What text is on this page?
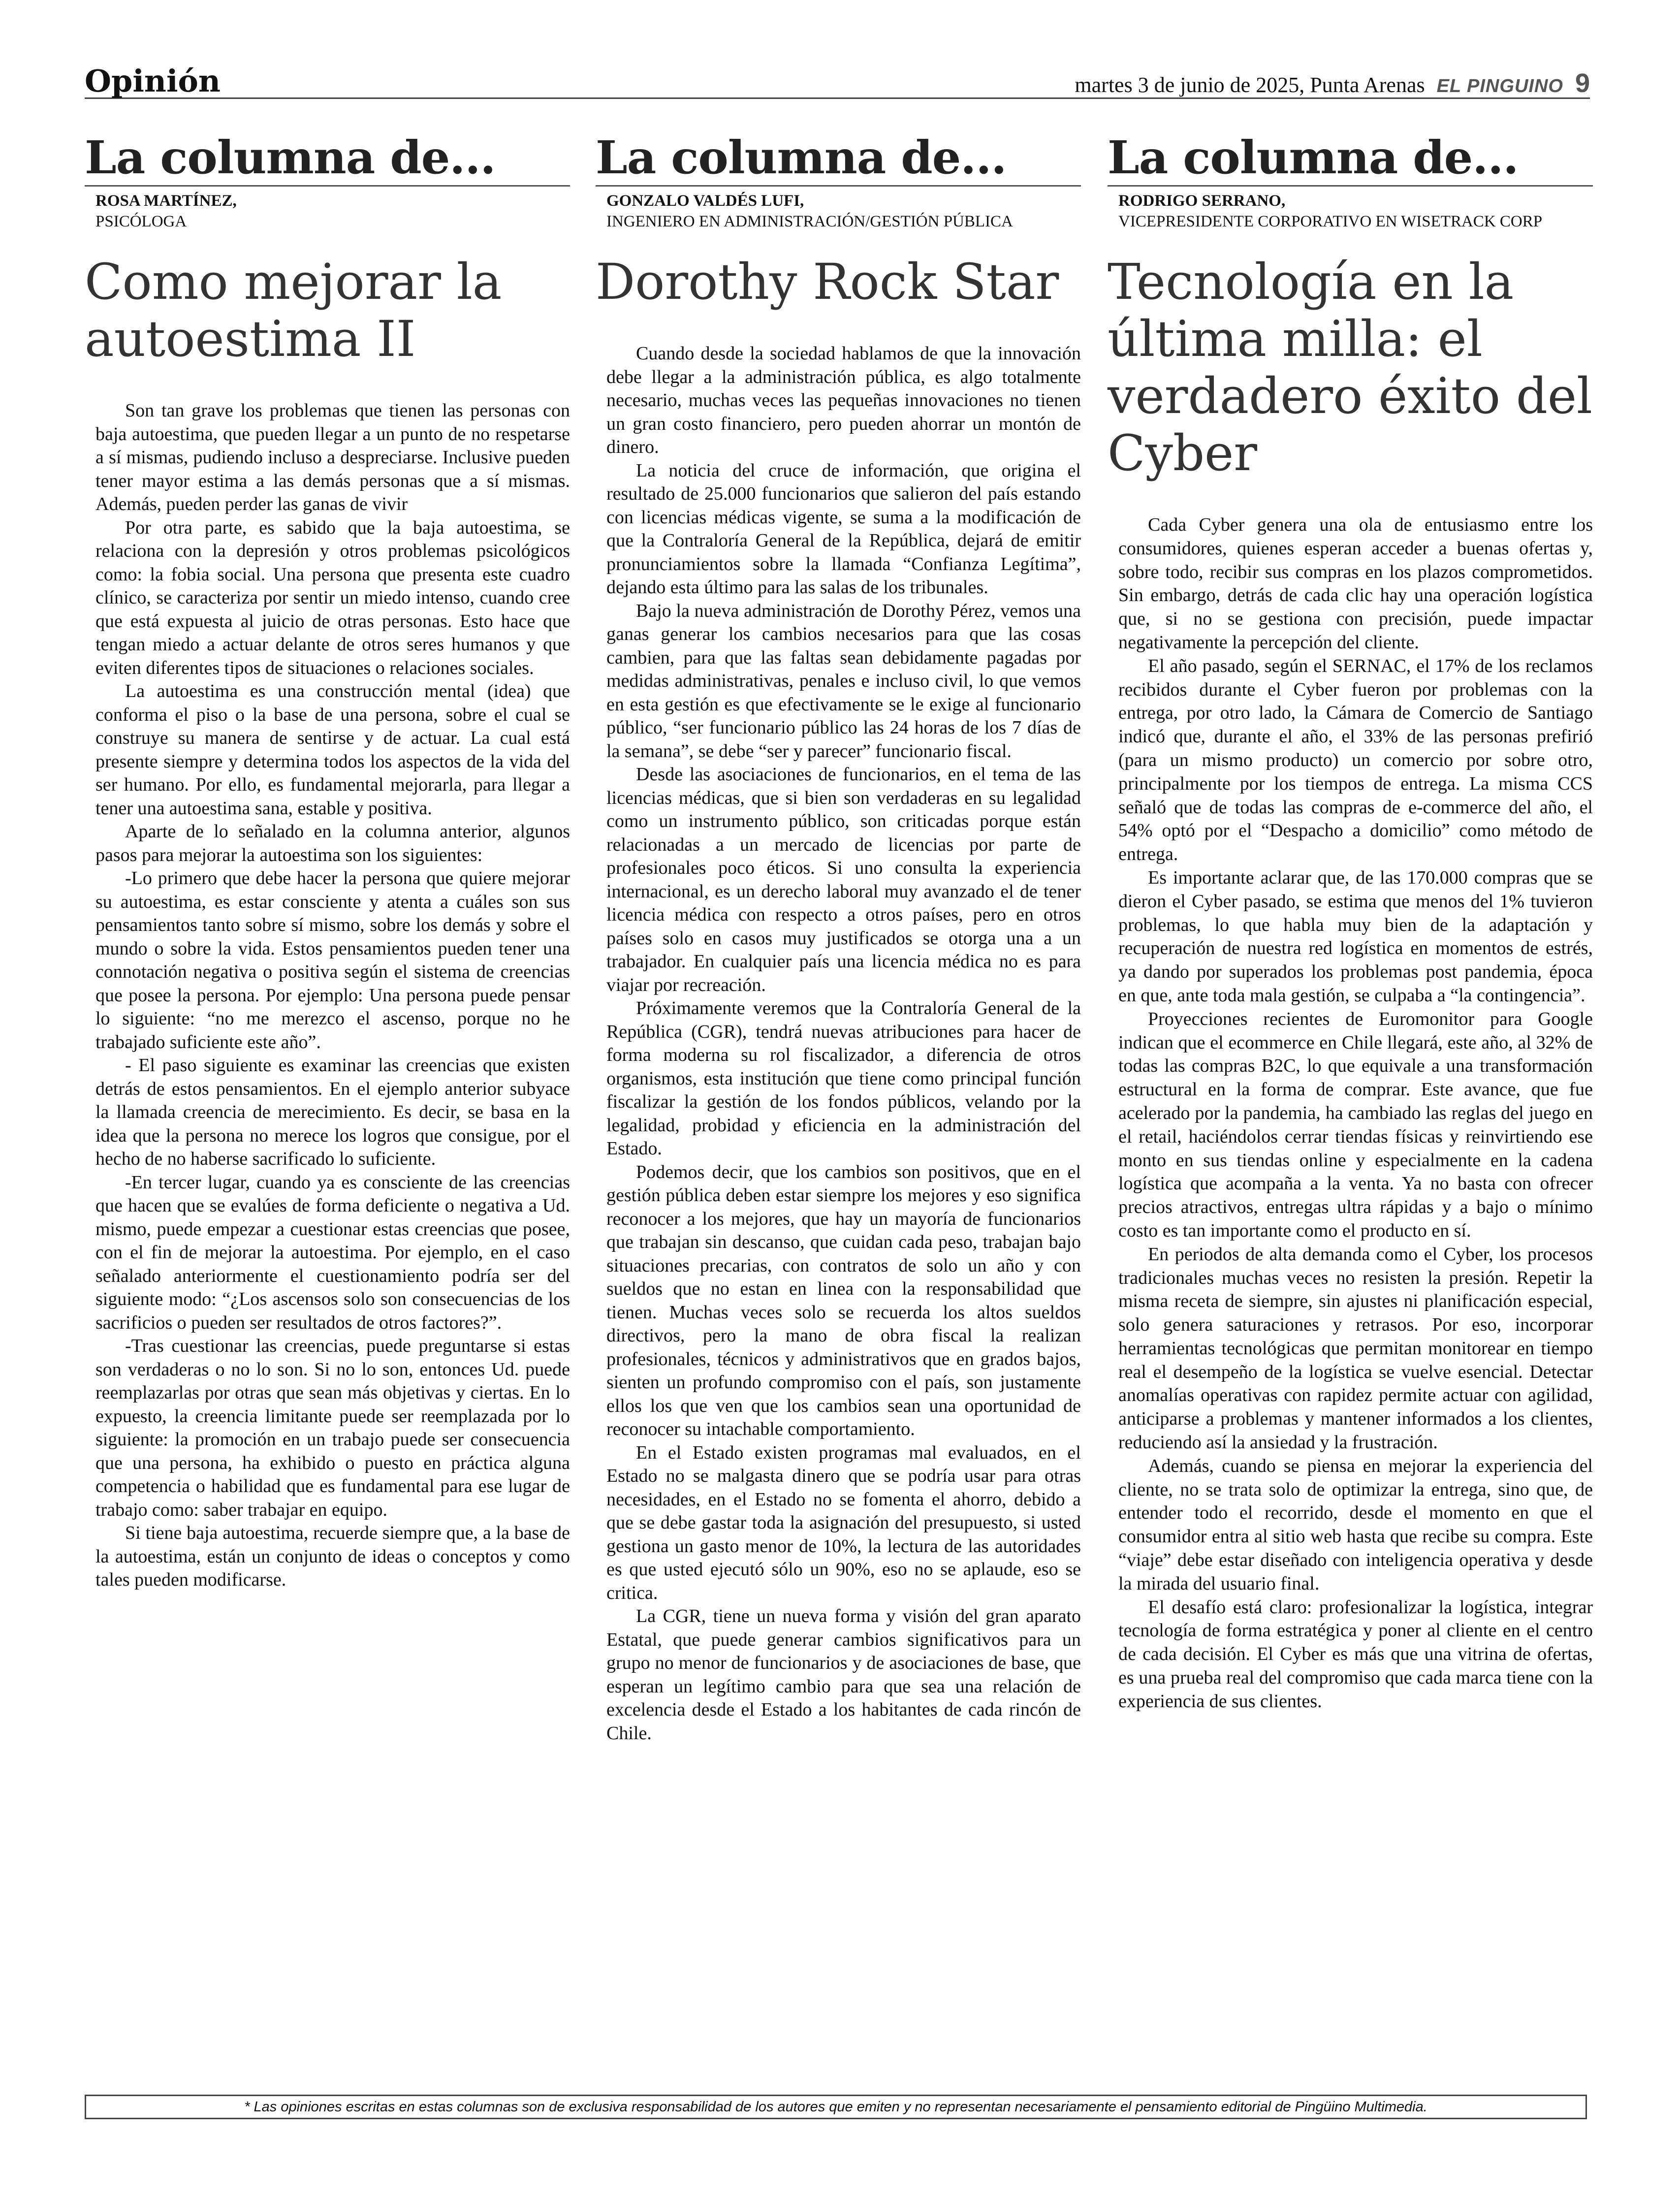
Opinión	martes 3 de junio de 2025, Punta Arenas EL PINGUINO 9
La columna de...
ROSA MARTÍNEZ,
PSICÓLOGA
Como mejorar la autoestima II

Son tan grave los problemas que tienen las personas con baja autoestima, que pueden llegar a un punto de no respetarse a sí mismas, pudiendo incluso a despreciarse. Inclusive pueden tener mayor estima a las demás personas que a sí mismas. Además, pueden perder las ganas de vivir

Por otra parte, es sabido que la baja autoestima, se relaciona con la depresión y otros problemas psicológicos como: la fobia social. Una persona que presenta este cuadro clínico, se caracteriza por sentir un miedo intenso, cuando cree que está expuesta al juicio de otras personas. Esto hace que tengan miedo a actuar delante de otros seres humanos y que eviten diferentes tipos de situaciones o relaciones sociales.

La autoestima es una construcción mental (idea) que conforma el piso o la base de una persona, sobre el cual se construye su manera de sentirse y de actuar. La cual está presente siempre y determina todos los aspectos de la vida del ser humano. Por ello, es fundamental mejorarla, para llegar a tener una autoestima sana, estable y positiva.

Aparte de lo señalado en la columna anterior, algunos pasos para mejorar la autoestima son los siguientes:

-Lo primero que debe hacer la persona que quiere mejorar su autoestima, es estar consciente y atenta a cuáles son sus pensamientos tanto sobre sí mismo, sobre los demás y sobre el mundo o sobre la vida. Estos pensamientos pueden tener una connotación negativa o positiva según el sistema de creencias que posee la persona. Por ejemplo: Una persona puede pensar lo siguiente: “no me merezco el ascenso, porque no he trabajado suficiente este año”.

- El paso siguiente es examinar las creencias que existen detrás de estos pensamientos. En el ejemplo anterior subyace la llamada creencia de merecimiento. Es decir, se basa en la idea que la persona no merece los logros que consigue, por el hecho de no haberse sacrificado lo suficiente.

-En tercer lugar, cuando ya es consciente de las creencias que hacen que se evalúes de forma deficiente o negativa a Ud. mismo, puede empezar a cuestionar estas creencias que posee, con el fin de mejorar la autoestima. Por ejemplo, en el caso señalado anteriormente el cuestionamiento podría ser del siguiente modo: “¿Los ascensos solo son consecuencias de los sacrificios o pueden ser resultados de otros factores?”.

-Tras cuestionar las creencias, puede preguntarse si estas son verdaderas o no lo son. Si no lo son, entonces Ud. puede reemplazarlas por otras que sean más objetivas y ciertas. En lo expuesto, la creencia limitante puede ser reemplazada por lo siguiente: la promoción en un trabajo puede ser consecuencia que una persona, ha exhibido o puesto en práctica alguna competencia o habilidad que es fundamental para ese lugar de trabajo como: saber trabajar en equipo.

Si tiene baja autoestima, recuerde siempre que, a la base de la autoestima, están un conjunto de ideas o conceptos y como tales pueden modificarse.

La columna de...
GONZALO VALDÉS LUFI,
INGENIERO EN ADMINISTRACIÓN/GESTIÓN PÚBLICA
Dorothy Rock Star

Cuando desde la sociedad hablamos de que la innovación debe llegar a la administración pública, es algo totalmente necesario, muchas veces las pequeñas innovaciones no tienen un gran costo financiero, pero pueden ahorrar un montón de dinero.

La noticia del cruce de información, que origina el resultado de 25.000 funcionarios que salieron del país estando con licencias médicas vigente, se suma a la modificación de que la Contraloría General de la República, dejará de emitir pronunciamientos sobre la llamada “Confianza Legítima”, dejando esta último para las salas de los tribunales.

Bajo la nueva administración de Dorothy Pérez, vemos una ganas generar los cambios necesarios para que las cosas cambien, para que las faltas sean debidamente pagadas por medidas administrativas, penales e incluso civil, lo que vemos en esta gestión es que efectivamente se le exige al funcionario público, “ser funcionario público las 24 horas de los 7 días de la semana”, se debe “ser y parecer” funcionario fiscal.

Desde las asociaciones de funcionarios, en el tema de las licencias médicas, que si bien son verdaderas en su legalidad como un instrumento público, son criticadas porque están relacionadas a un mercado de licencias por parte de profesionales poco éticos. Si uno consulta la experiencia internacional, es un derecho laboral muy avanzado el de tener licencia médica con respecto a otros países, pero en otros países solo en casos muy justificados se otorga una a un trabajador. En cualquier país una licencia médica no es para viajar por recreación.

Próximamente veremos que la Contraloría General de la República (CGR), tendrá nuevas atribuciones para hacer de forma moderna su rol fiscalizador, a diferencia de otros organismos, esta institución que tiene como principal función fiscalizar la gestión de los fondos públicos, velando por la legalidad, probidad y eficiencia en la administración del Estado.

Podemos decir, que los cambios son positivos, que en el gestión pública deben estar siempre los mejores y eso significa reconocer a los mejores, que hay un mayoría de funcionarios que trabajan sin descanso, que cuidan cada peso, trabajan bajo situaciones precarias, con contratos de solo un año y con sueldos que no estan en linea con la responsabilidad que tienen. Muchas veces solo se recuerda los altos sueldos directivos, pero la mano de obra fiscal la realizan profesionales, técnicos y administrativos que en grados bajos, sienten un profundo compromiso con el país, son justamente ellos los que ven que los cambios sean una oportunidad de reconocer su intachable comportamiento.

En el Estado existen programas mal evaluados, en el Estado no se malgasta dinero que se podría usar para otras necesidades, en el Estado no se fomenta el ahorro, debido a que se debe gastar toda la asignación del presupuesto, si usted gestiona un gasto menor de 10%, la lectura de las autoridades es que usted ejecutó sólo un 90%, eso no se aplaude, eso se critica.

La CGR, tiene un nueva forma y visión del gran aparato Estatal, que puede generar cambios significativos para un grupo no menor de funcionarios y de asociaciones de base, que esperan un legítimo cambio para que sea una relación de excelencia desde el Estado a los habitantes de cada rincón de Chile.

La columna de...
RODRIGO SERRANO,
VICEPRESIDENTE CORPORATIVO EN WISETRACK CORP
Tecnología en la última milla: el verdadero éxito del Cyber

Cada Cyber genera una ola de entusiasmo entre los consumidores, quienes esperan acceder a buenas ofertas y, sobre todo, recibir sus compras en los plazos comprometidos. Sin embargo, detrás de cada clic hay una operación logística que, si no se gestiona con precisión, puede impactar negativamente la percepción del cliente.

El año pasado, según el SERNAC, el 17% de los reclamos recibidos durante el Cyber fueron por problemas con la entrega, por otro lado, la Cámara de Comercio de Santiago indicó que, durante el año, el 33% de las personas prefirió (para un mismo producto) un comercio por sobre otro, principalmente por los tiempos de entrega. La misma CCS señaló que de todas las compras de e-commerce del año, el 54% optó por el “Despacho a domicilio” como método de entrega.

Es importante aclarar que, de las 170.000 compras que se dieron el Cyber pasado, se estima que menos del 1% tuvieron problemas, lo que habla muy bien de la adaptación y recuperación de nuestra red logística en momentos de estrés, ya dando por superados los problemas post pandemia, época en que, ante toda mala gestión, se culpaba a “la contingencia”.

Proyecciones recientes de Euromonitor para Google indican que el ecommerce en Chile llegará, este año, al 32% de todas las compras B2C, lo que equivale a una transformación estructural en la forma de comprar. Este avance, que fue acelerado por la pandemia, ha cambiado las reglas del juego en el retail, haciéndolos cerrar tiendas físicas y reinvirtiendo ese monto en sus tiendas online y especialmente en la cadena logística que acompaña a la venta. Ya no basta con ofrecer precios atractivos, entregas ultra rápidas y a bajo o mínimo costo es tan importante como el producto en sí.

En periodos de alta demanda como el Cyber, los procesos tradicionales muchas veces no resisten la presión. Repetir la misma receta de siempre, sin ajustes ni planificación especial, solo genera saturaciones y retrasos. Por eso, incorporar herramientas tecnológicas que permitan monitorear en tiempo real el desempeño de la logística se vuelve esencial. Detectar anomalías operativas con rapidez permite actuar con agilidad, anticiparse a problemas y mantener informados a los clientes, reduciendo así la ansiedad y la frustración.

Además, cuando se piensa en mejorar la experiencia del cliente, no se trata solo de optimizar la entrega, sino que, de entender todo el recorrido, desde el momento en que el consumidor entra al sitio web hasta que recibe su compra. Este “viaje” debe estar diseñado con inteligencia operativa y desde la mirada del usuario final.

El desafío está claro: profesionalizar la logística, integrar tecnología de forma estratégica y poner al cliente en el centro de cada decisión. El Cyber es más que una vitrina de ofertas, es una prueba real del compromiso que cada marca tiene con la experiencia de sus clientes.

* Las opiniones escritas en estas columnas son de exclusiva responsabilidad de los autores que emiten y no representan necesariamente el pensamiento editorial de Pingüino Multimedia.
